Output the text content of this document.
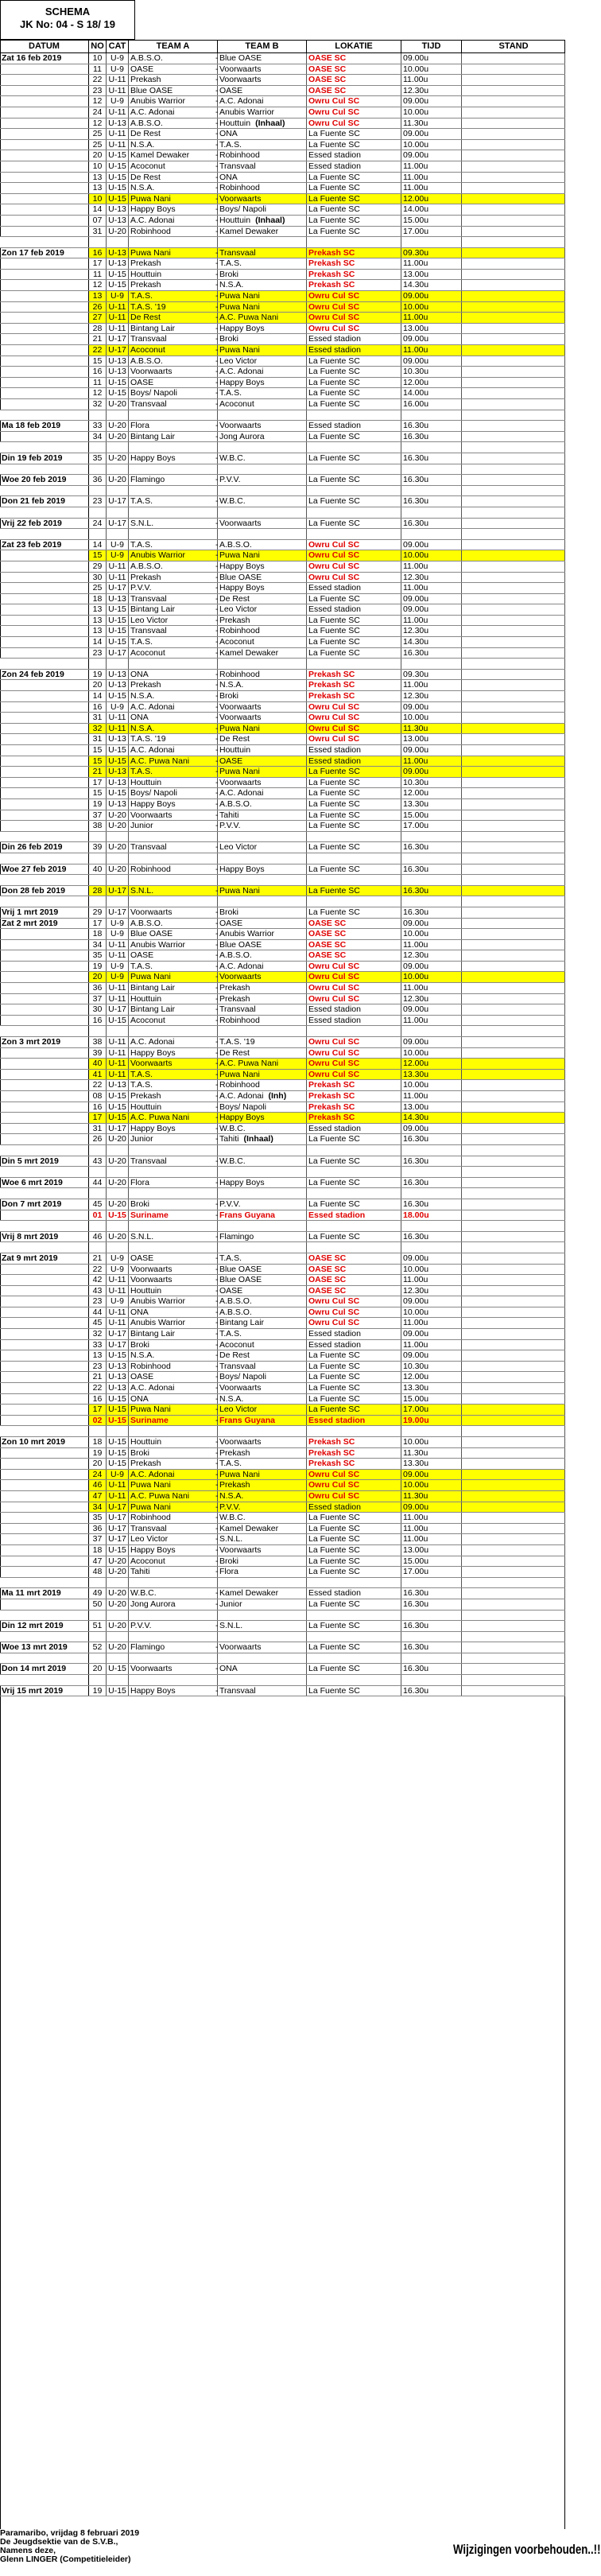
SCHEMA
JK No: 04 - S 18/ 19
DATUM	NO CAT	TEAM A	TEAM B	LOKATIE	TIJD	STAND
Zat 16 feb 2019	10	U-9 A.B.S.O.	- Blue OASE	OASE SC	09.00u
11	U-9 OASE	- Voorwaarts	OASE SC	10.00u
22 U-11 Prekash	- Voorwaarts	OASE SC	11.00u
23 U-11 Blue OASE	- OASE	OASE SC	12.30u
12	U-9 Anubis Warrior	- A.C. Adonai	Owru Cul SC	09.00u
24 U-11 A.C. Adonai	- Anubis Warrior	Owru Cul SC	10.00u
12 U-13 A.B.S.O.	- Houttuin (Inhaal)	Owru Cul SC	11.30u
25 U-11 De Rest	- ONA	La Fuente SC	09.00u
25 U-11 N.S.A.	- T.A.S.	La Fuente SC	10.00u
20 U-15 Kamel Dewaker	- Robinhood	Essed stadion	09.00u
10 U-15 Acoconut	- Transvaal	Essed stadion	11.00u
13 U-15 De Rest	- ONA	La Fuente SC	11.00u
13 U-15 N.S.A.	- Robinhood	La Fuente SC	11.00u
10 U-15 Puwa Nani	- Voorwaarts	La Fuente SC	12.00u
14 U-13 Happy Boys	- Boys/ Napoli	La Fuente SC	14.00u
07 U-13 A.C. Adonai	- Houttuin (Inhaal)	La Fuente SC	15.00u
31 U-20 Robinhood	- Kamel Dewaker	La Fuente SC	17.00u
Zon 17 feb 2019	16 U-13 Puwa Nani	- Transvaal	Prekash SC	09.30u
17 U-13 Prekash	- T.A.S.	Prekash SC	11.00u
11 U-15 Houttuin	- Broki	Prekash SC	13.00u
12 U-15 Prekash	- N.S.A.	Prekash SC	14.30u
13	U-9 T.A.S.	- Puwa Nani	Owru Cul SC	09.00u
26 U-11 T.A.S. '19	- Puwa Nani	Owru Cul SC	10.00u
27 U-11 De Rest	- A.C. Puwa Nani	Owru Cul SC	11.00u
28 U-11 Bintang Lair	- Happy Boys	Owru Cul SC	13.00u
21 U-17 Transvaal	- Broki	Essed stadion	09.00u
22 U-17 Acoconut	- Puwa Nani	Essed stadion	11.00u
15 U-13 A.B.S.O.	- Leo Victor	La Fuente SC	09.00u
16 U-13 Voorwaarts	- A.C. Adonai	La Fuente SC	10.30u
11 U-15 OASE	- Happy Boys	La Fuente SC	12.00u
12 U-15 Boys/ Napoli	- T.A.S.	La Fuente SC	14.00u
32 U-20 Transvaal	- Acoconut	La Fuente SC	16.00u
Ma 18 feb 2019	33 U-20 Flora	- Voorwaarts	Essed stadion	16.30u
34 U-20 Bintang Lair	- Jong Aurora	La Fuente SC	16.30u
Din 19 feb 2019	35 U-20 Happy Boys	- W.B.C.	La Fuente SC	16.30u
Woe 20 feb 2019	36 U-20 Flamingo	- P.V.V.	La Fuente SC	16.30u
Don 21 feb 2019	23 U-17 T.A.S.	- W.B.C.	La Fuente SC	16.30u
Vrij 22 feb 2019	24 U-17 S.N.L.	- Voorwaarts	La Fuente SC	16.30u
Zat 23 feb 2019	14	U-9 T.A.S.	- A.B.S.O.	Owru Cul SC	09.00u
15	U-9 Anubis Warrior	- Puwa Nani	Owru Cul SC	10.00u
29 U-11 A.B.S.O.	- Happy Boys	Owru Cul SC	11.00u
30 U-11 Prekash	- Blue OASE	Owru Cul SC	12.30u
25 U-17 P.V.V.	- Happy Boys	Essed stadion	11.00u
18 U-13 Transvaal	- De Rest	La Fuente SC	09.00u
13 U-15 Bintang Lair	- Leo Victor	Essed stadion	09.00u
13 U-15 Leo Victor	- Prekash	La Fuente SC	11.00u
13 U-15 Transvaal	- Robinhood	La Fuente SC	12.30u
14 U-15 T.A.S.	- Acoconut	La Fuente SC	14.30u
23 U-17 Acoconut	- Kamel Dewaker	La Fuente SC	16.30u
Zon 24 feb 2019	19 U-13 ONA	- Robinhood	Prekash SC	09.30u
20 U-13 Prekash	- N.S.A.	Prekash SC	11.00u
14 U-15 N.S.A.	- Broki	Prekash SC	12.30u
16	U-9 A.C. Adonai	- Voorwaarts	Owru Cul SC	09.00u
31 U-11 ONA	- Voorwaarts	Owru Cul SC	10.00u
32 U-11 N.S.A.	- Puwa Nani	Owru Cul SC	11.30u
31 U-13 T.A.S. '19	- De Rest	Owru Cul SC	13.00u
15 U-15 A.C. Adonai	- Houttuin	Essed stadion	09.00u
15 U-15 A.C. Puwa Nani	- OASE	Essed stadion	11.00u
21 U-13 T.A.S.	- Puwa Nani	La Fuente SC	09.00u
17 U-13 Houttuin	- Voorwaarts	La Fuente SC	10.30u
15 U-15 Boys/ Napoli	- A.C. Adonai	La Fuente SC	12.00u
19 U-13 Happy Boys	- A.B.S.O.	La Fuente SC	13.30u
37 U-20 Voorwaarts	- Tahiti	La Fuente SC	15.00u
38 U-20 Junior	- P.V.V.	La Fuente SC	17.00u
Din 26 feb 2019	39 U-20 Transvaal	- Leo Victor	La Fuente SC	16.30u
Woe 27 feb 2019	40 U-20 Robinhood	- Happy Boys	La Fuente SC	16.30u
Don 28 feb 2019	28 U-17 S.N.L.	- Puwa Nani	La Fuente SC	16.30u
Vrij 1 mrt 2019	29 U-17 Voorwaarts	- Broki	La Fuente SC	16.30u
Zat 2 mrt 2019	17	U-9 A.B.S.O.	- OASE	OASE SC	09.00u
18	U-9 Blue OASE	- Anubis Warrior	OASE SC	10.00u
34 U-11 Anubis Warrior	- Blue OASE	OASE SC	11.00u
35 U-11 OASE	- A.B.S.O.	OASE SC	12.30u
19	U-9 T.A.S.	- A.C. Adonai	Owru Cul SC	09.00u
20	U-9 Puwa Nani	- Voorwaarts	Owru Cul SC	10.00u
36 U-11 Bintang Lair	- Prekash	Owru Cul SC	11.00u
37 U-11 Houttuin	- Prekash	Owru Cul SC	12.30u
30 U-17 Bintang Lair	- Transvaal	Essed stadion	09.00u
16 U-15 Acoconut	- Robinhood	Essed stadion	11.00u
Zon 3 mrt 2019	38 U-11 A.C. Adonai	- T.A.S. '19	Owru Cul SC	09.00u
39 U-11 Happy Boys	- De Rest	Owru Cul SC	10.00u
40 U-11 Voorwaarts	- A.C. Puwa Nani	Owru Cul SC	12.00u
41 U-11 T.A.S.	- Puwa Nani	Owru Cul SC	13.30u
22 U-13 T.A.S.	- Robinhood	Prekash SC	10.00u
08 U-15 Prekash	- A.C. Adonai (Inh)	Prekash SC	11.00u
16 U-15 Houttuin	- Boys/ Napoli	Prekash SC	13.00u
17 U-15 A.C. Puwa Nani	- Happy Boys	Prekash SC	14.30u
31 U-17 Happy Boys	- W.B.C.	Essed stadion	09.00u
26 U-20 Junior	- Tahiti (Inhaal)	La Fuente SC	16.30u
Din 5 mrt 2019	43 U-20 Transvaal	- W.B.C.	La Fuente SC	16.30u
Woe 6 mrt 2019	44 U-20 Flora	- Happy Boys	La Fuente SC	16.30u
Don 7 mrt 2019	45 U-20 Broki	- P.V.V.	La Fuente SC	16.30u
01 U-15 Suriname	- Frans Guyana	Essed stadion	18.00u
Vrij 8 mrt 2019	46 U-20 S.N.L.	- Flamingo	La Fuente SC	16.30u
Zat 9 mrt 2019	21	U-9 OASE	- T.A.S.	OASE SC	09.00u
22	U-9 Voorwaarts	- Blue OASE	OASE SC	10.00u
42 U-11 Voorwaarts	- Blue OASE	OASE SC	11.00u
43 U-11 Houttuin	- OASE	OASE SC	12.30u
23	U-9 Anubis Warrior	- A.B.S.O.	Owru Cul SC	09.00u
44 U-11 ONA	- A.B.S.O.	Owru Cul SC	10.00u
45 U-11 Anubis Warrior	- Bintang Lair	Owru Cul SC	11.00u
32 U-17 Bintang Lair	- T.A.S.	Essed stadion	09.00u
33 U-17 Broki	- Acoconut	Essed stadion	11.00u
13 U-15 N.S.A.	- De Rest	La Fuente SC	09.00u
23 U-13 Robinhood	- Transvaal	La Fuente SC	10.30u
21 U-13 OASE	- Boys/ Napoli	La Fuente SC	12.00u
22 U-13 A.C. Adonai	- Voorwaarts	La Fuente SC	13.30u
16 U-15 ONA	- N.S.A.	La Fuente SC	15.00u
17 U-15 Puwa Nani	- Leo Victor	La Fuente SC	17.00u
02 U-15 Suriname	- Frans Guyana	Essed stadion	19.00u
Zon 10 mrt 2019	18 U-15 Houttuin	- Voorwaarts	Prekash SC	10.00u
19 U-15 Broki	- Prekash	Prekash SC	11.30u
20 U-15 Prekash	- T.A.S.	Prekash SC	13.30u
24	U-9 A.C. Adonai	- Puwa Nani	Owru Cul SC	09.00u
46 U-11 Puwa Nani	- Prekash	Owru Cul SC	10.00u
47 U-11 A.C. Puwa Nani	- N.S.A.	Owru Cul SC	11.30u
34 U-17 Puwa Nani	- P.V.V.	Essed stadion	09.00u
35 U-17 Robinhood	- W.B.C.	La Fuente SC	11.00u
36 U-17 Transvaal	- Kamel Dewaker	La Fuente SC	11.00u
37 U-17 Leo Victor	- S.N.L.	La Fuente SC	11.00u
18 U-15 Happy Boys	- Voorwaarts	La Fuente SC	13.00u
47 U-20 Acoconut	- Broki	La Fuente SC	15.00u
48 U-20 Tahiti	- Flora	La Fuente SC	17.00u
Ma 11 mrt 2019	49 U-20 W.B.C.	- Kamel Dewaker	Essed stadion	16.30u
50 U-20 Jong Aurora	- Junior	La Fuente SC	16.30u
Din 12 mrt 2019	51 U-20 P.V.V.	- S.N.L.	La Fuente SC	16.30u
Woe 13 mrt 2019	52 U-20 Flamingo	- Voorwaarts	La Fuente SC	16.30u
Don 14 mrt 2019	20 U-15 Voorwaarts	- ONA	La Fuente SC	16.30u
Vrij 15 mrt 2019	19 U-15 Happy Boys	- Transvaal	La Fuente SC	16.30u
Paramaribo, vrijdag 8 februari 2019
De Jeugdsektie van de S.V.B.,
Namens deze,
Glenn LINGER (Competitieleider)
Wijzigingen voorbehouden..!!
